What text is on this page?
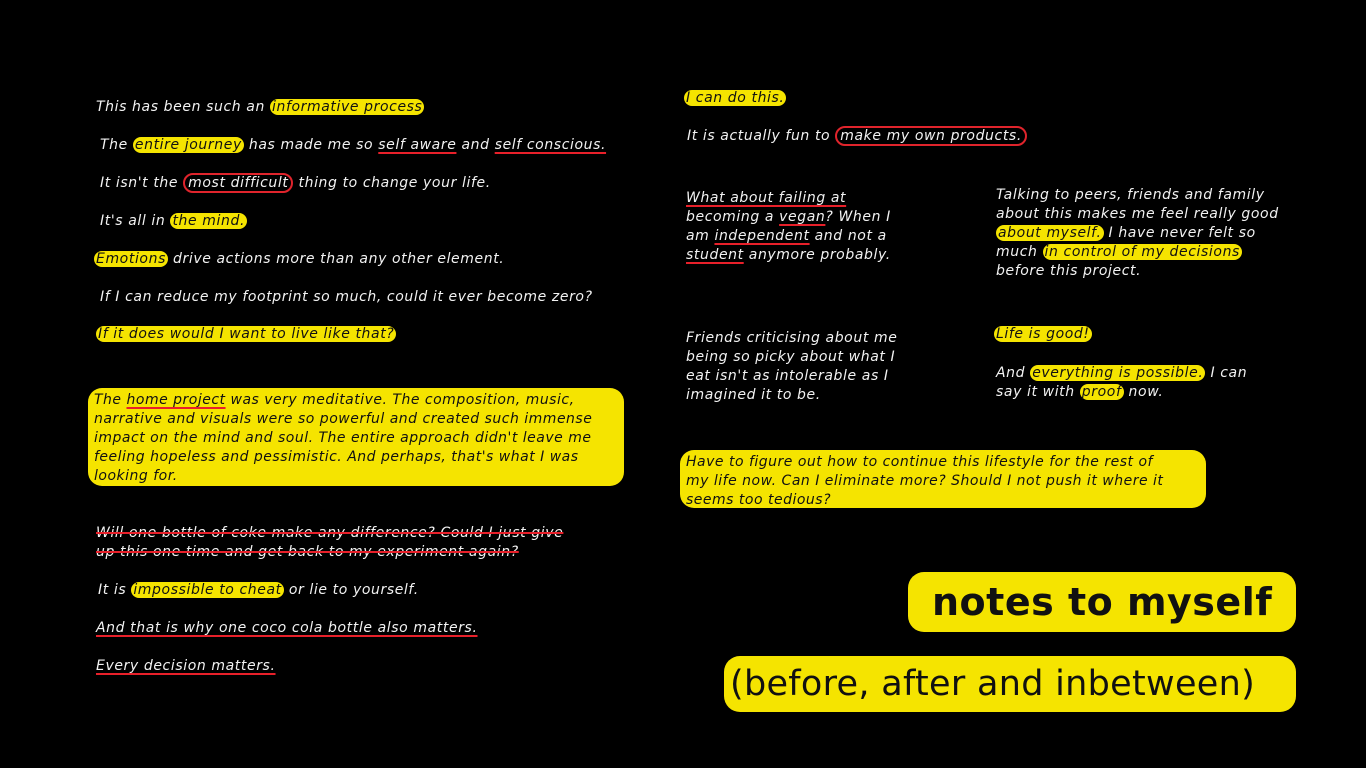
This has been such an informative process
The entire journey has made me so self aware and self conscious.
It isn't the most difficult thing to change your life.
It's all in the mind.
Emotions drive actions more than any other element.
If I can reduce my footprint so much, could it ever become zero?
If it does would I want to live like that?
The home project was very meditative. The composition, music,
narrative and visuals were so powerful and created such immense
impact on the mind and soul. The entire approach didn't leave me
feeling hopeless and pessimistic. And perhaps, that's what I was
looking for.
Will one bottle of coke make any difference? Could I just give
up this one time and get back to my experiment again?
It is impossible to cheat or lie to yourself.
And that is why one coco cola bottle also matters.
Every decision matters.
I can do this.
It is actually fun to make my own products.
What about failing at
becoming a vegan? When I
am independent and not a
student anymore probably.
Talking to peers, friends and family
about this makes me feel really good
about myself. I have never felt so
much in control of my decisions
before this project.
Friends criticising about me
being so picky about what I
eat isn't as intolerable as I
imagined it to be.
Life is good!
And everything is possible. I can
say it with proof now.
Have to figure out how to continue this lifestyle for the rest of
my life now. Can I eliminate more? Should I not push it where it
seems too tedious?
notes to myself
(before, after and inbetween)
